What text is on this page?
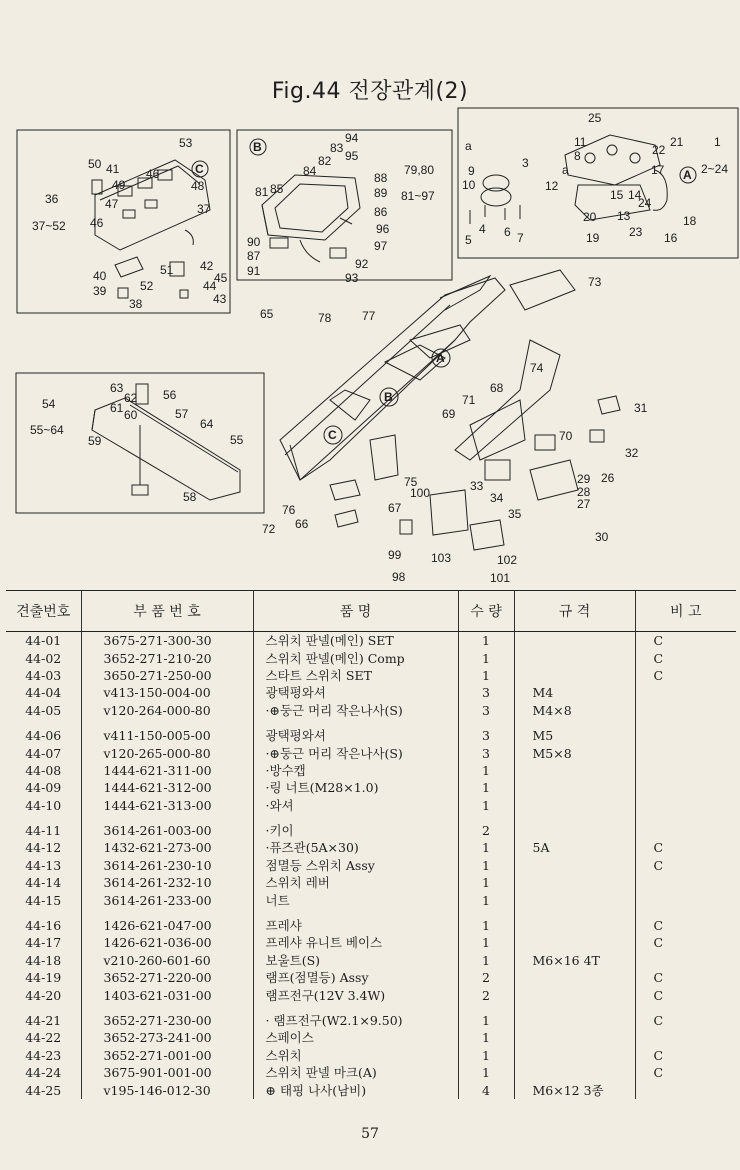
Fig.44 전장관계(2)
53
50 41 46
48
49
47	37
36
37~52 46
51 42
45
40
39	52	44
43
38
94
83
95
82
84	88
89
79,80
81~97
81 85
86
96
90
87
97
91	92
93
25
11
8
21
22
1
2~24
3
a
a	17
9
10	12
14
15
24
18
20 13
5
4 6 7	19 23 16
63
62
61 60
54
55~64
56
57
64
59	55
58
65	78	77
73
74
68
71
69
70
31
32
33
34
26
29
28
27
30
35
100
102
103
101
99
98
75
67
76
66
72
C
B
A
A
B
C
견출번호	부 품 번 호	품 명	수 량	규 격	비 고
44-01	3675-271-300-30	스위치 판넬(메인) SET	1		C
44-02	3652-271-210-20	스위치 판넬(메인) Comp	1		C
44-03	3650-271-250-00	스타트 스위치 SET	1		C
44-04	v413-150-004-00	광택평와셔	3	M4	
44-05	v120-264-000-80	·⊕둥근 머리 작은나사(S)	3	M4×8	
44-06	v411-150-005-00	광택평와셔	3	M5	
44-07	v120-265-000-80	·⊕둥근 머리 작은나사(S)	3	M5×8	
44-08	1444-621-311-00	·방수캡	1		
44-09	1444-621-312-00	·링 너트(M28×1.0)	1		
44-10	1444-621-313-00	·와셔	1		
44-11	3614-261-003-00	·키이	2		
44-12	1432-621-273-00	·퓨즈관(5A×30)	1	5A	C
44-13	3614-261-230-10	점멸등 스위치 Assy	1		C
44-14	3614-261-232-10	스위치 레버	1		
44-15	3614-261-233-00	너트	1		
44-16	1426-621-047-00	프레샤	1		C
44-17	1426-621-036-00	프레샤 유니트 베이스	1		C
44-18	v210-260-601-60	보울트(S)	1	M6×16 4T	
44-19	3652-271-220-00	램프(점멸등) Assy	2		C
44-20	1403-621-031-00	램프전구(12V 3.4W)	2		C
44-21	3652-271-230-00	· 램프전구(W2.1×9.50)	1		C
44-22	3652-273-241-00	스페이스	1		
44-23	3652-271-001-00	스위치	1		C
44-24	3675-901-001-00	스위치 판넬 마크(A)	1		C
44-25	v195-146-012-30	⊕ 태핑 나사(남비)	4	M6×12 3종	
57
